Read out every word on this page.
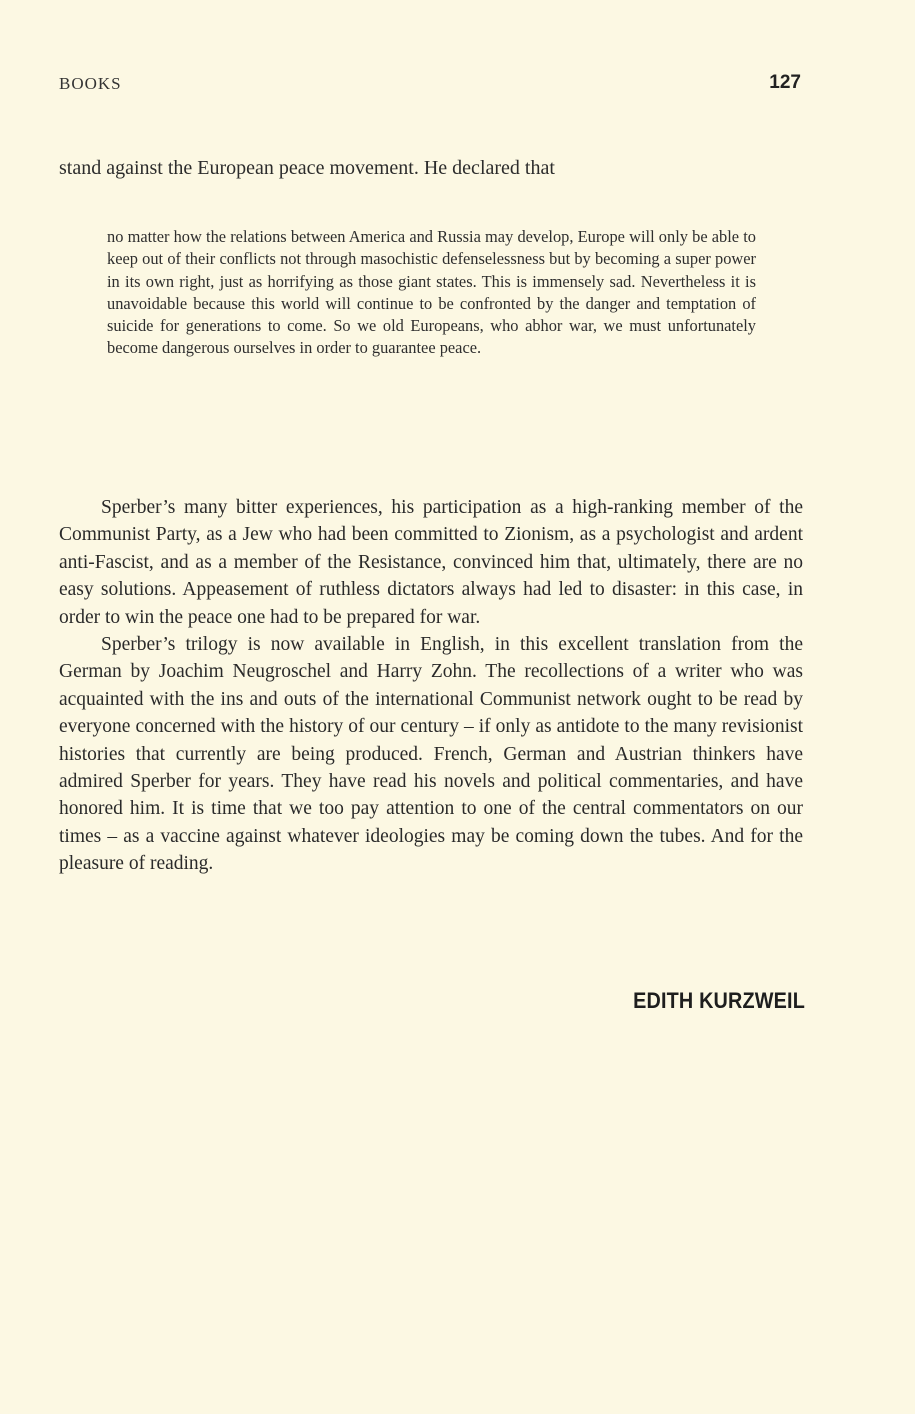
BOOKS	127
stand against the European peace movement. He declared that
no matter how the relations between America and Russia may develop, Europe will only be able to keep out of their conflicts not through masochistic defenselessness but by becoming a super power in its own right, just as horrifying as those giant states. This is immensely sad. Nevertheless it is unavoidable because this world will continue to be confronted by the danger and temptation of suicide for generations to come. So we old Europeans, who abhor war, we must unfortunately become dangerous ourselves in order to guarantee peace.

Sperber’s many bitter experiences, his participation as a high-ranking member of the Communist Party, as a Jew who had been committed to Zionism, as a psychologist and ardent anti-Fascist, and as a member of the Resistance, convinced him that, ultimately, there are no easy solutions. Appeasement of ruthless dictators always had led to disaster: in this case, in order to win the peace one had to be prepared for war.

Sperber’s trilogy is now available in English, in this excellent translation from the German by Joachim Neugroschel and Harry Zohn. The recollections of a writer who was acquainted with the ins and outs of the international Communist network ought to be read by everyone concerned with the history of our century – if only as antidote to the many revisionist histories that currently are being produced. French, German and Austrian thinkers have admired Sperber for years. They have read his novels and political commentaries, and have honored him. It is time that we too pay attention to one of the central commentators on our times – as a vaccine against whatever ideologies may be coming down the tubes. And for the pleasure of reading.

EDITH KURZWEIL
